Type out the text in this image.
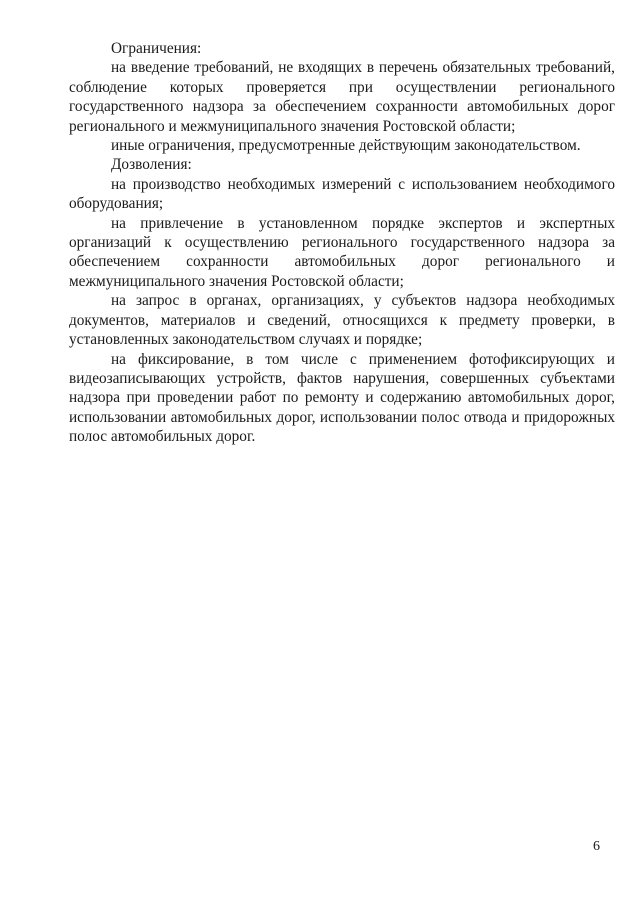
Ограничения:

на введение требований, не входящих в перечень обязательных требований, соблюдение которых проверяется при осуществлении регионального государственного надзора за обеспечением сохранности автомобильных дорог регионального и межмуниципального значения Ростовской области;

иные ограничения, предусмотренные действующим законодательством.

Дозволения:

на производство необходимых измерений с использованием необходимого оборудования;

на привлечение в установленном порядке экспертов и экспертных организаций к осуществлению регионального государственного надзора за обеспечением сохранности автомобильных дорог регионального и межмуниципального значения Ростовской области;

на запрос в органах, организациях, у субъектов надзора необходимых документов, материалов и сведений, относящихся к предмету проверки, в установленных законодательством случаях и порядке;

на фиксирование, в том числе с применением фотофиксирующих и видеозаписывающих устройств, фактов нарушения, совершенных субъектами надзора при проведении работ по ремонту и содержанию автомобильных дорог, использовании автомобильных дорог, использовании полос отвода и придорожных полос автомобильных дорог.

6
